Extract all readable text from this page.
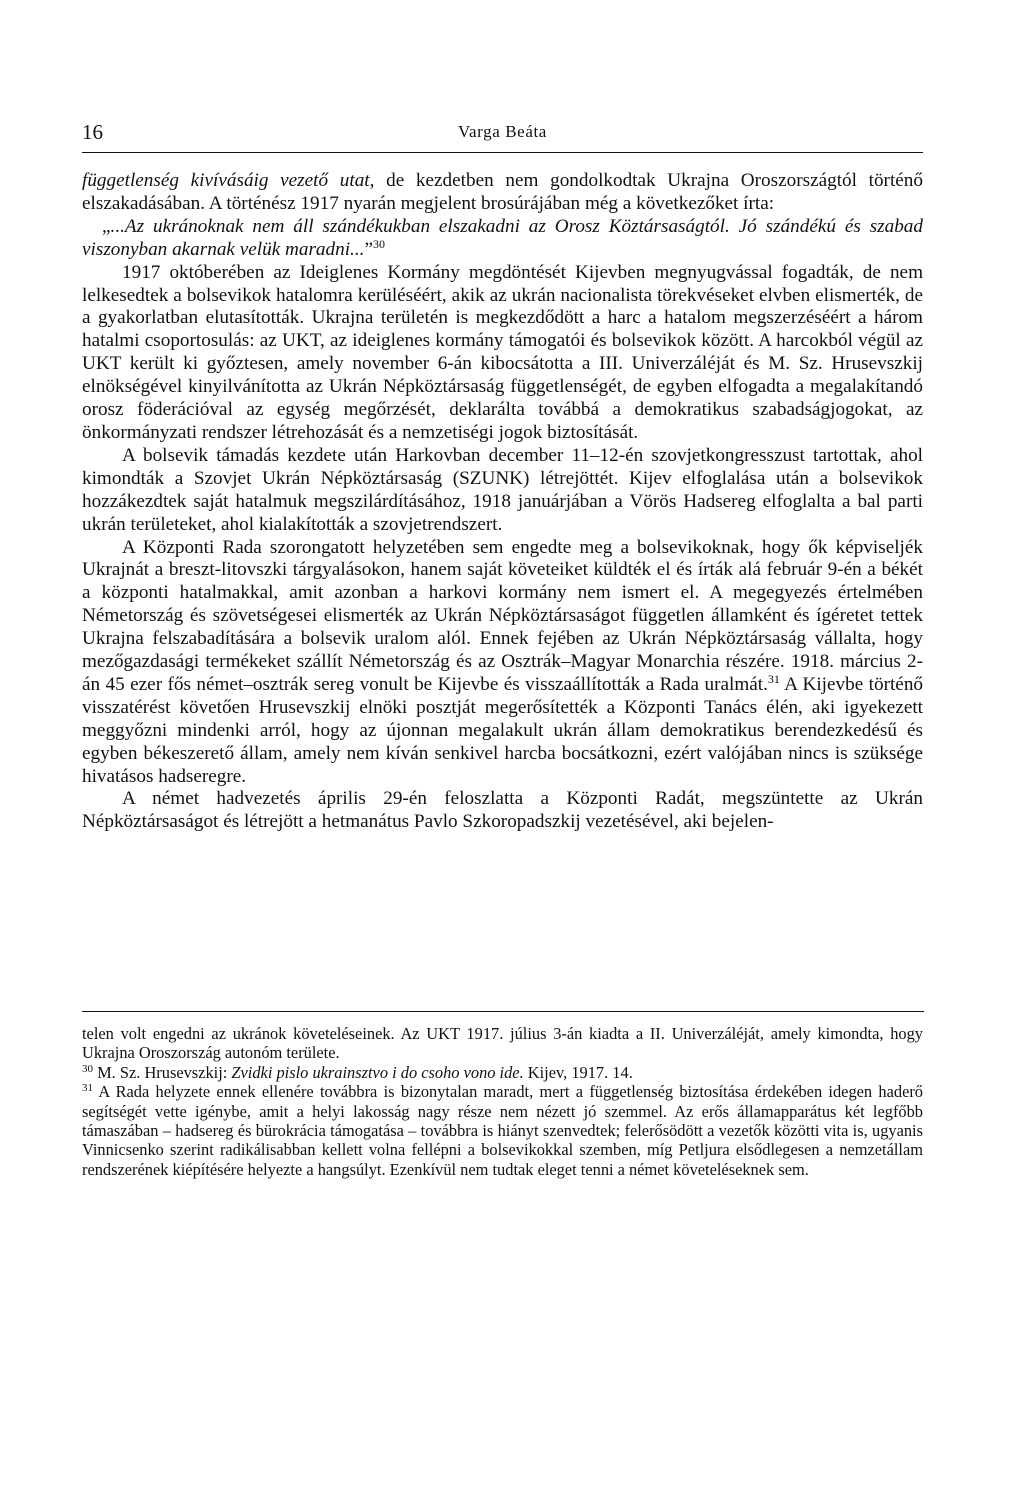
16	Varga Beáta

függetlenség kivívásáig vezető utat, de kezdetben nem gondolkodtak Ukrajna Oroszországtól történő elszakadásában. A történész 1917 nyarán megjelent brosúrájában még a következőket írta:

„...Az ukránoknak nem áll szándékukban elszakadni az Orosz Köztársaságtól. Jó szándékú és szabad viszonyban akarnak velük maradni...”$^{30}$

1917 októberében az Ideiglenes Kormány megdöntését Kijevben megnyugvással fogadták, de nem lelkesedtek a bolsevikok hatalomra kerüléséért, akik az ukrán nacionalista törekvéseket elvben elismerték, de a gyakorlatban elutasították. Ukrajna területén is megkezdődött a harc a hatalom megszerzéséért a három hatalmi csoportosulás: az UKT, az ideiglenes kormány támogatói és bolsevikok között. A harcokból végül az UKT került ki győztesen, amely november 6-án kibocsátotta a III. Univerzáléját és M. Sz. Hrusevszkij elnökségével kinyilvánította az Ukrán Népköztársaság függetlenségét, de egyben elfogadta a megalakítandó orosz föderációval az egység megőrzését, deklarálta továbbá a demokratikus szabadságjogokat, az önkormányzati rendszer létrehozását és a nemzetiségi jogok biztosítását.

A bolsevik támadás kezdete után Harkovban december 11–12-én szovjetkongresszust tartottak, ahol kimondták a Szovjet Ukrán Népköztársaság (SZUNK) létrejöttét. Kijev elfoglalása után a bolsevikok hozzákezdtek saját hatalmuk megszilárdításához, 1918 januárjában a Vörös Hadsereg elfoglalta a bal parti ukrán területeket, ahol kialakították a szovjetrendszert.

A Központi Rada szorongatott helyzetében sem engedte meg a bolsevikoknak, hogy ők képviseljék Ukrajnát a breszt-litovszki tárgyalásokon, hanem saját követeiket küldték el és írták alá február 9-én a békét a központi hatalmakkal, amit azonban a harkovi kormány nem ismert el. A megegyezés értelmében Németország és szövetségesei elismerték az Ukrán Népköztársaságot független államként és ígéretet tettek Ukrajna felszabadítására a bolsevik uralom alól. Ennek fejében az Ukrán Népköztársaság vállalta, hogy mezőgazdasági termékeket szállít Németország és az Osztrák–Magyar Monarchia részére. 1918. március 2-án 45 ezer fős német–osztrák sereg vonult be Kijevbe és visszaállították a Rada uralmát.$^{31}$ A Kijevbe történő visszatérést követően Hrusevszkij elnöki posztját megerősítették a Központi Tanács élén, aki igyekezett meggyőzni mindenki arról, hogy az újonnan megalakult ukrán állam demokratikus berendezkedésű és egyben békeszerető állam, amely nem kíván senkivel harcba bocsátkozni, ezért valójában nincs is szüksége hivatásos hadseregre.

A német hadvezetés április 29-én feloszlatta a Központi Radát, megszüntette az Ukrán Népköztársaságot és létrejött a hetmanátus Pavlo Szkoropadszkij vezetésével, aki bejelen-

telen volt engedni az ukránok követeléseinek. Az UKT 1917. július 3-án kiadta a II. Univerzáléját, amely kimondta, hogy Ukrajna Oroszország autonóm területe.

$^{30}$ M. Sz. Hrusevszkij: Zvidki pislo ukrainsztvo i do csoho vono ide. Kijev, 1917. 14.

$^{31}$ A Rada helyzete ennek ellenére továbbra is bizonytalan maradt, mert a függetlenség biztosítása érdekében idegen haderő segítségét vette igénybe, amit a helyi lakosság nagy része nem nézett jó szemmel. Az erős államapparátus két legfőbb támaszában – hadsereg és bürokrácia támogatása – továbbra is hiányt szenvedtek; felerősödött a vezetők közötti vita is, ugyanis Vinnicsenko szerint radikálisabban kellett volna fellépni a bolsevikokkal szemben, míg Petljura elsődlegesen a nemzetállam rendszerének kiépítésére helyezte a hangsúlyt. Ezenkívül nem tudtak eleget tenni a német követeléseknek sem.
